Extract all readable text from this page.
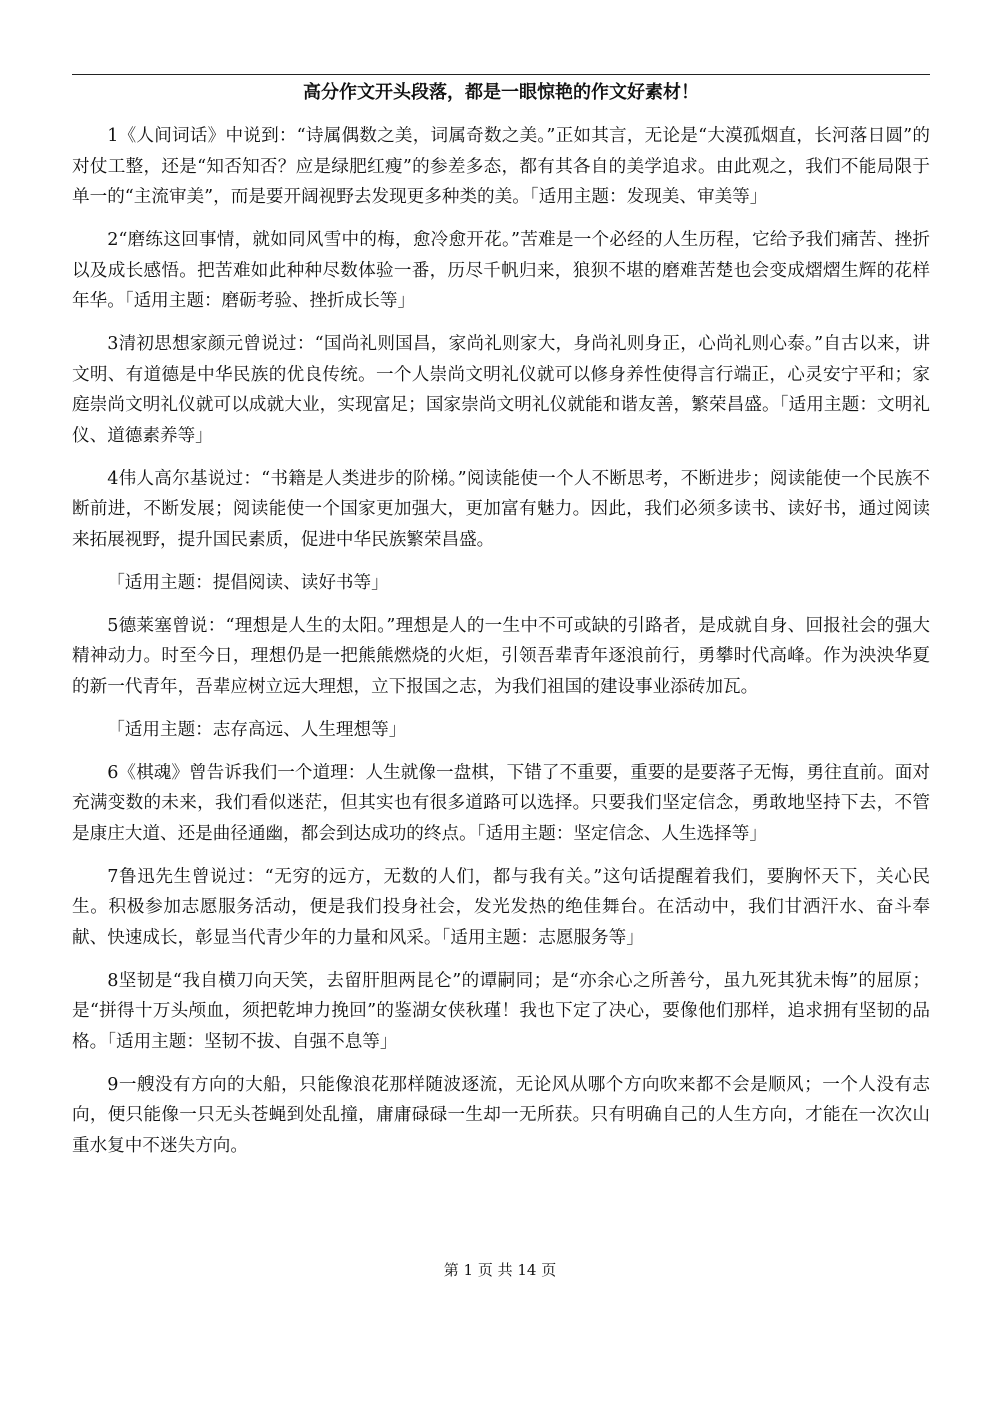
高分作文开头段落，都是一眼惊艳的作文好素材！

1《人间词话》中说到：“诗属偶数之美，词属奇数之美。”正如其言，无论是“大漠孤烟直，长河落日圆”的对仗工整，还是“知否知否？应是绿肥红瘦”的参差多态，都有其各自的美学追求。由此观之，我们不能局限于单一的“主流审美”，而是要开阔视野去发现更多种类的美。「适用主题：发现美、审美等」

2“磨练这回事情，就如同风雪中的梅，愈冷愈开花。”苦难是一个必经的人生历程，它给予我们痛苦、挫折以及成长感悟。把苦难如此种种尽数体验一番，历尽千帆归来，狼狈不堪的磨难苦楚也会变成熠熠生辉的花样年华。「适用主题：磨砺考验、挫折成长等」

3清初思想家颜元曾说过：“国尚礼则国昌，家尚礼则家大，身尚礼则身正，心尚礼则心泰。”自古以来，讲文明、有道德是中华民族的优良传统。一个人崇尚文明礼仪就可以修身养性使得言行端正，心灵安宁平和；家庭崇尚文明礼仪就可以成就大业，实现富足；国家崇尚文明礼仪就能和谐友善，繁荣昌盛。「适用主题：文明礼仪、道德素养等」

4伟人高尔基说过：“书籍是人类进步的阶梯。”阅读能使一个人不断思考，不断进步；阅读能使一个民族不断前进，不断发展；阅读能使一个国家更加强大，更加富有魅力。因此，我们必须多读书、读好书，通过阅读来拓展视野，提升国民素质，促进中华民族繁荣昌盛。

「适用主题：提倡阅读、读好书等」

5德莱塞曾说：“理想是人生的太阳。”理想是人的一生中不可或缺的引路者，是成就自身、回报社会的强大精神动力。时至今日，理想仍是一把熊熊燃烧的火炬，引领吾辈青年逐浪前行，勇攀时代高峰。作为泱泱华夏的新一代青年，吾辈应树立远大理想，立下报国之志，为我们祖国的建设事业添砖加瓦。

「适用主题：志存高远、人生理想等」

6《棋魂》曾告诉我们一个道理：人生就像一盘棋，下错了不重要，重要的是要落子无悔，勇往直前。面对充满变数的未来，我们看似迷茫，但其实也有很多道路可以选择。只要我们坚定信念，勇敢地坚持下去，不管是康庄大道、还是曲径通幽，都会到达成功的终点。「适用主题：坚定信念、人生选择等」

7鲁迅先生曾说过：“无穷的远方，无数的人们，都与我有关。”这句话提醒着我们，要胸怀天下，关心民生。积极参加志愿服务活动，便是我们投身社会，发光发热的绝佳舞台。在活动中，我们甘洒汗水、奋斗奉献、快速成长，彰显当代青少年的力量和风采。「适用主题：志愿服务等」

8坚韧是“我自横刀向天笑，去留肝胆两昆仑”的谭嗣同；是“亦余心之所善兮，虽九死其犹未悔”的屈原；是“拼得十万头颅血，须把乾坤力挽回”的鉴湖女侠秋瑾！我也下定了决心，要像他们那样，追求拥有坚韧的品格。「适用主题：坚韧不拔、自强不息等」

9一艘没有方向的大船，只能像浪花那样随波逐流，无论风从哪个方向吹来都不会是顺风；一个人没有志向，便只能像一只无头苍蝇到处乱撞，庸庸碌碌一生却一无所获。只有明确自己的人生方向，才能在一次次山重水复中不迷失方向。

第 1 页 共 14 页
